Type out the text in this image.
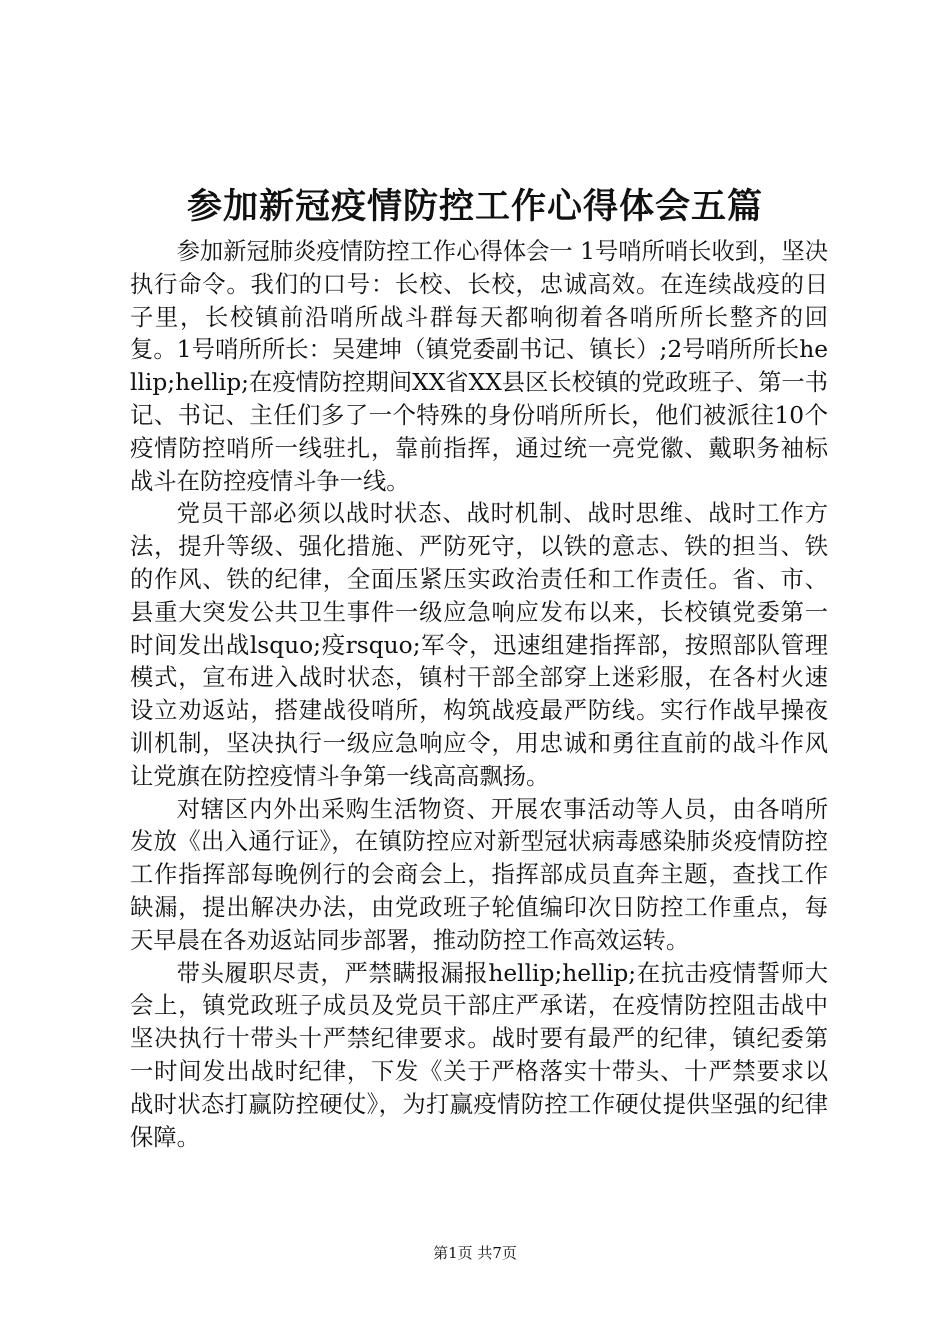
参加新冠疫情防控工作心得体会五篇

参加新冠肺炎疫情防控工作心得体会一 1号哨所哨长收到，坚决执行命令。我们的口号：长校、长校，忠诚高效。在连续战疫的日子里，长校镇前沿哨所战斗群每天都响彻着各哨所所长整齐的回复。1号哨所所长：吴建坤（镇党委副书记、镇长）;2号哨所所长hellip;hellip;在疫情防控期间XX省XX县区长校镇的党政班子、第一书记、书记、主任们多了一个特殊的身份哨所所长，他们被派往10个疫情防控哨所一线驻扎，靠前指挥，通过统一亮党徽、戴职务袖标战斗在防控疫情斗争一线。

党员干部必须以战时状态、战时机制、战时思维、战时工作方法，提升等级、强化措施、严防死守，以铁的意志、铁的担当、铁的作风、铁的纪律，全面压紧压实政治责任和工作责任。省、市、县重大突发公共卫生事件一级应急响应发布以来，长校镇党委第一时间发出战lsquo;疫rsquo;军令，迅速组建指挥部，按照部队管理模式，宣布进入战时状态，镇村干部全部穿上迷彩服，在各村火速设立劝返站，搭建战役哨所，构筑战疫最严防线。实行作战早操夜训机制，坚决执行一级应急响应令，用忠诚和勇往直前的战斗作风让党旗在防控疫情斗争第一线高高飘扬。

对辖区内外出采购生活物资、开展农事活动等人员，由各哨所发放《出入通行证》，在镇防控应对新型冠状病毒感染肺炎疫情防控工作指挥部每晚例行的会商会上，指挥部成员直奔主题，查找工作缺漏，提出解决办法，由党政班子轮值编印次日防控工作重点，每天早晨在各劝返站同步部署，推动防控工作高效运转。

带头履职尽责，严禁瞒报漏报hellip;hellip;在抗击疫情誓师大会上，镇党政班子成员及党员干部庄严承诺，在疫情防控阻击战中坚决执行十带头十严禁纪律要求。战时要有最严的纪律，镇纪委第一时间发出战时纪律，下发《关于严格落实十带头、十严禁要求以战时状态打赢防控硬仗》，为打赢疫情防控工作硬仗提供坚强的纪律保障。

第1页 共7页
